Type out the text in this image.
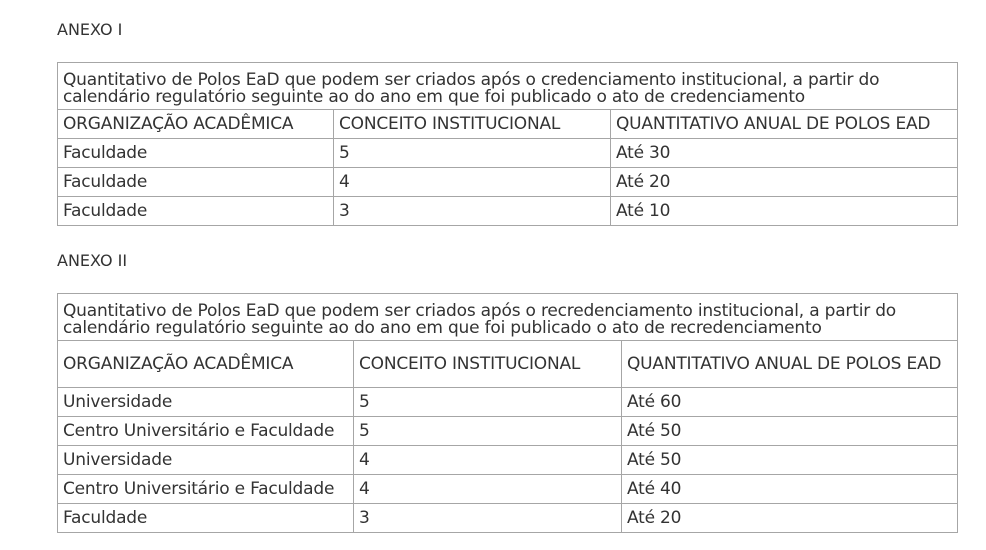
ANEXO I
Quantitativo de Polos EaD que podem ser criados após o credenciamento institucional, a partir do calendário regulatório seguinte ao do ano em que foi publicado o ato de credenciamento		
ORGANIZAÇÃO ACADÊMICA	CONCEITO INSTITUCIONAL	QUANTITATIVO ANUAL DE POLOS EAD
Faculdade	5	Até 30
Faculdade	4	Até 20
Faculdade	3	Até 10
ANEXO II
Quantitativo de Polos EaD que podem ser criados após o recredenciamento institucional, a partir do calendário regulatório seguinte ao do ano em que foi publicado o ato de recredenciamento		
ORGANIZAÇÃO ACADÊMICA	CONCEITO INSTITUCIONAL	QUANTITATIVO ANUAL DE POLOS EAD
Universidade	5	Até 60
Centro Universitário e Faculdade	5	Até 50
Universidade	4	Até 50
Centro Universitário e Faculdade	4	Até 40
Faculdade	3	Até 20
